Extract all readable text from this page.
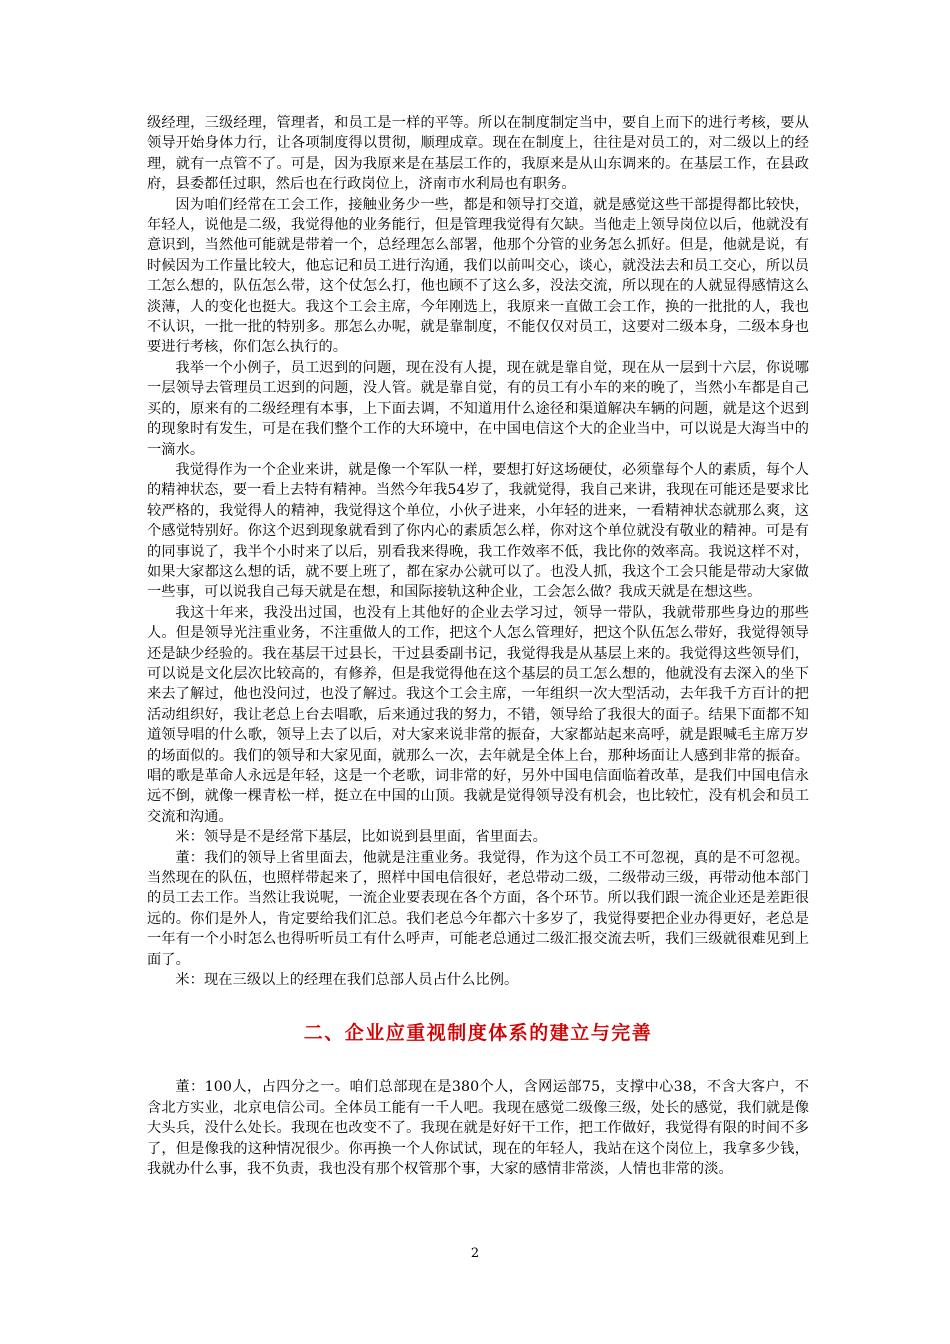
级经理，三级经理，管理者，和员工是一样的平等。所以在制度制定当中，要自上而下的进行考核，要从领导开始身体力行，让各项制度得以贯彻，顺理成章。现在在制度上，往往是对员工的，对二级以上的经理，就有一点管不了。可是，因为我原来是在基层工作的，我原来是从山东调来的。在基层工作，在县政府，县委都任过职，然后也在行政岗位上，济南市水利局也有职务。

因为咱们经常在工会工作，接触业务少一些，都是和领导打交道，就是感觉这些干部提得都比较快，年轻人，说他是二级，我觉得他的业务能行，但是管理我觉得有欠缺。当他走上领导岗位以后，他就没有意识到，当然他可能就是带着一个，总经理怎么部署，他那个分管的业务怎么抓好。但是，他就是说，有时候因为工作量比较大，他忘记和员工进行沟通，我们以前叫交心，谈心，就没法去和员工交心，所以员工怎么想的，队伍怎么带，这个仗怎么打，他也顾不了这么多，没法交流，所以现在的人就显得感情这么淡薄，人的变化也挺大。我这个工会主席，今年刚选上，我原来一直做工会工作，换的一批批的人，我也不认识，一批一批的特别多。那怎么办呢，就是靠制度，不能仅仅对员工，这要对二级本身，二级本身也要进行考核，你们怎么执行的。

我举一个小例子，员工迟到的问题，现在没有人提，现在就是靠自觉，现在从一层到十六层，你说哪一层领导去管理员工迟到的问题，没人管。就是靠自觉，有的员工有小车的来的晚了，当然小车都是自己买的，原来有的二级经理有本事，上下面去调，不知道用什么途径和渠道解决车辆的问题，就是这个迟到的现象时有发生，可是在我们整个工作的大环境中，在中国电信这个大的企业当中，可以说是大海当中的一滴水。

我觉得作为一个企业来讲，就是像一个军队一样，要想打好这场硬仗，必须靠每个人的素质，每个人的精神状态，要一看上去特有精神。当然今年我54岁了，我就觉得，我自己来讲，我现在可能还是要求比较严格的，我觉得人的精神，我觉得这个单位，小伙子进来，小年轻的进来，一看精神状态就那么爽，这个感觉特别好。你这个迟到现象就看到了你内心的素质怎么样，你对这个单位就没有敬业的精神。可是有的同事说了，我半个小时来了以后，别看我来得晚，我工作效率不低，我比你的效率高。我说这样不对，如果大家都这么想的话，就不要上班了，都在家办公就可以了。也没人抓，我这个工会只能是带动大家做一些事，可以说我自己每天就是在想，和国际接轨这种企业，工会怎么做？我成天就是在想这些。

我这十年来，我没出过国，也没有上其他好的企业去学习过，领导一带队，我就带那些身边的那些人。但是领导光注重业务，不注重做人的工作，把这个人怎么管理好，把这个队伍怎么带好，我觉得领导还是缺少经验的。我在基层干过县长，干过县委副书记，我觉得我是从基层上来的。我觉得这些领导们，可以说是文化层次比较高的，有修养，但是我觉得他在这个基层的员工怎么想的，他就没有去深入的坐下来去了解过，他也没问过，也没了解过。我这个工会主席，一年组织一次大型活动，去年我千方百计的把活动组织好，我让老总上台去唱歌，后来通过我的努力，不错，领导给了我很大的面子。结果下面都不知道领导唱的什么歌，领导上去了以后，对大家来说非常的振奋，大家都站起来高呼，就是跟喊毛主席万岁的场面似的。我们的领导和大家见面，就那么一次，去年就是全体上台，那种场面让人感到非常的振奋。唱的歌是革命人永远是年轻，这是一个老歌，词非常的好，另外中国电信面临着改革，是我们中国电信永远不倒，就像一棵青松一样，挺立在中国的山顶。我就是觉得领导没有机会，也比较忙，没有机会和员工交流和沟通。

米：领导是不是经常下基层，比如说到县里面，省里面去。

董：我们的领导上省里面去，他就是注重业务。我觉得，作为这个员工不可忽视，真的是不可忽视。当然现在的队伍，也照样带起来了，照样中国电信很好，老总带动二级，二级带动三级，再带动他本部门的员工去工作。当然让我说呢，一流企业要表现在各个方面，各个环节。所以我们跟一流企业还是差距很远的。你们是外人，肯定要给我们汇总。我们老总今年都六十多岁了，我觉得要把企业办得更好，老总是一年有一个小时怎么也得听听员工有什么呼声，可能老总通过二级汇报交流去听，我们三级就很难见到上面了。

米：现在三级以上的经理在我们总部人员占什么比例。

二、企业应重视制度体系的建立与完善

董：100人，占四分之一。咱们总部现在是380个人，含网运部75，支撑中心38，不含大客户，不含北方实业，北京电信公司。全体员工能有一千人吧。我现在感觉二级像三级，处长的感觉，我们就是像大头兵，没什么处长。我现在也改变不了。我现在就是好好干工作，把工作做好，我觉得有限的时间不多了，但是像我的这种情况很少。你再换一个人你试试，现在的年轻人，我站在这个岗位上，我拿多少钱，我就办什么事，我不负责，我也没有那个权管那个事，大家的感情非常淡，人情也非常的淡。

2
